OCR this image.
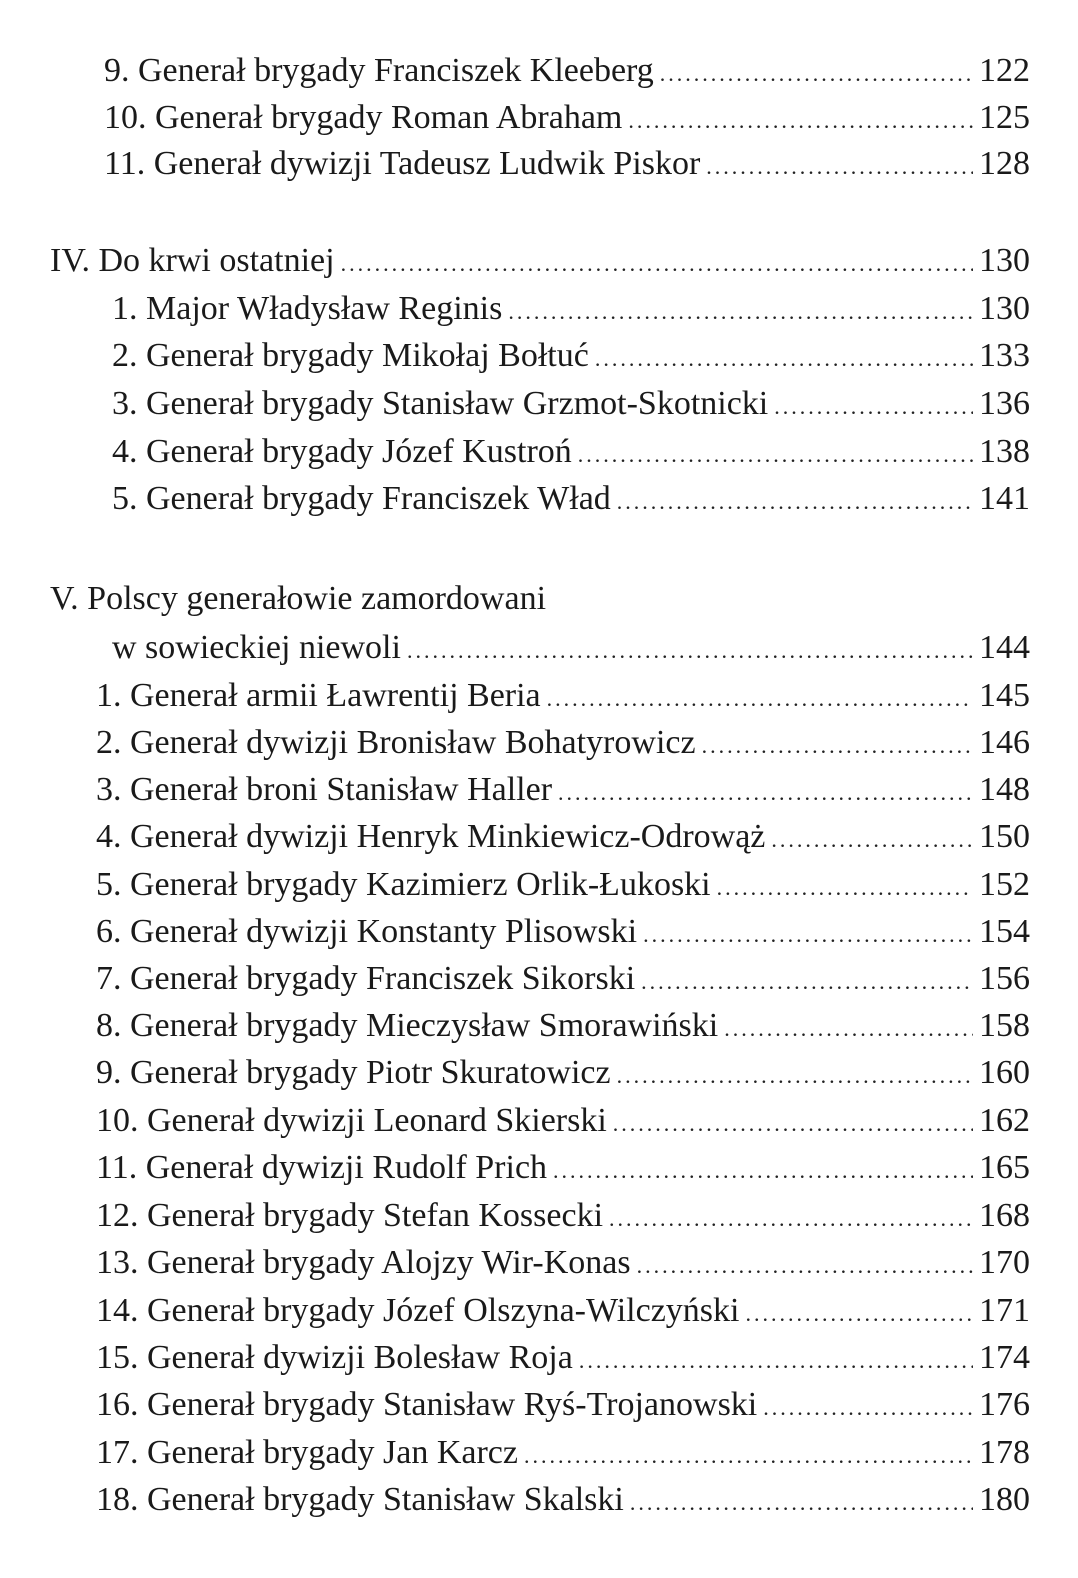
9. Generał brygady Franciszek Kleeberg .....	122
10. Generał brygady Roman Abraham .....	125
11. Generał dywizji Tadeusz Ludwik Piskor .....	128
IV. Do krwi ostatniej .....	130
1. Major Władysław Reginis .....	130
2. Generał brygady Mikołaj Bołtuć .....	133
3. Generał brygady Stanisław Grzmot-Skotnicki .....	136
4. Generał brygady Józef Kustroń .....	138
5. Generał brygady Franciszek Wład .....	141
V. Polscy generałowie zamordowani
w sowieckiej niewoli .....	144
1. Generał armii Ławrentij Beria .....	145
2. Generał dywizji Bronisław Bohatyrowicz .....	146
3. Generał broni Stanisław Haller .....	148
4. Generał dywizji Henryk Minkiewicz-Odrowąż .....	150
5. Generał brygady Kazimierz Orlik-Łukoski .....	152
6. Generał dywizji Konstanty Plisowski .....	154
7. Generał brygady Franciszek Sikorski .....	156
8. Generał brygady Mieczysław Smorawiński .....	158
9. Generał brygady Piotr Skuratowicz .....	160
10. Generał dywizji Leonard Skierski .....	162
11. Generał dywizji Rudolf Prich .....	165
12. Generał brygady Stefan Kossecki .....	168
13. Generał brygady Alojzy Wir-Konas .....	170
14. Generał brygady Józef Olszyna-Wilczyński .....	171
15. Generał dywizji Bolesław Roja .....	174
16. Generał brygady Stanisław Ryś-Trojanowski .....	176
17. Generał brygady Jan Karcz .....	178
18. Generał brygady Stanisław Skalski .....	180
